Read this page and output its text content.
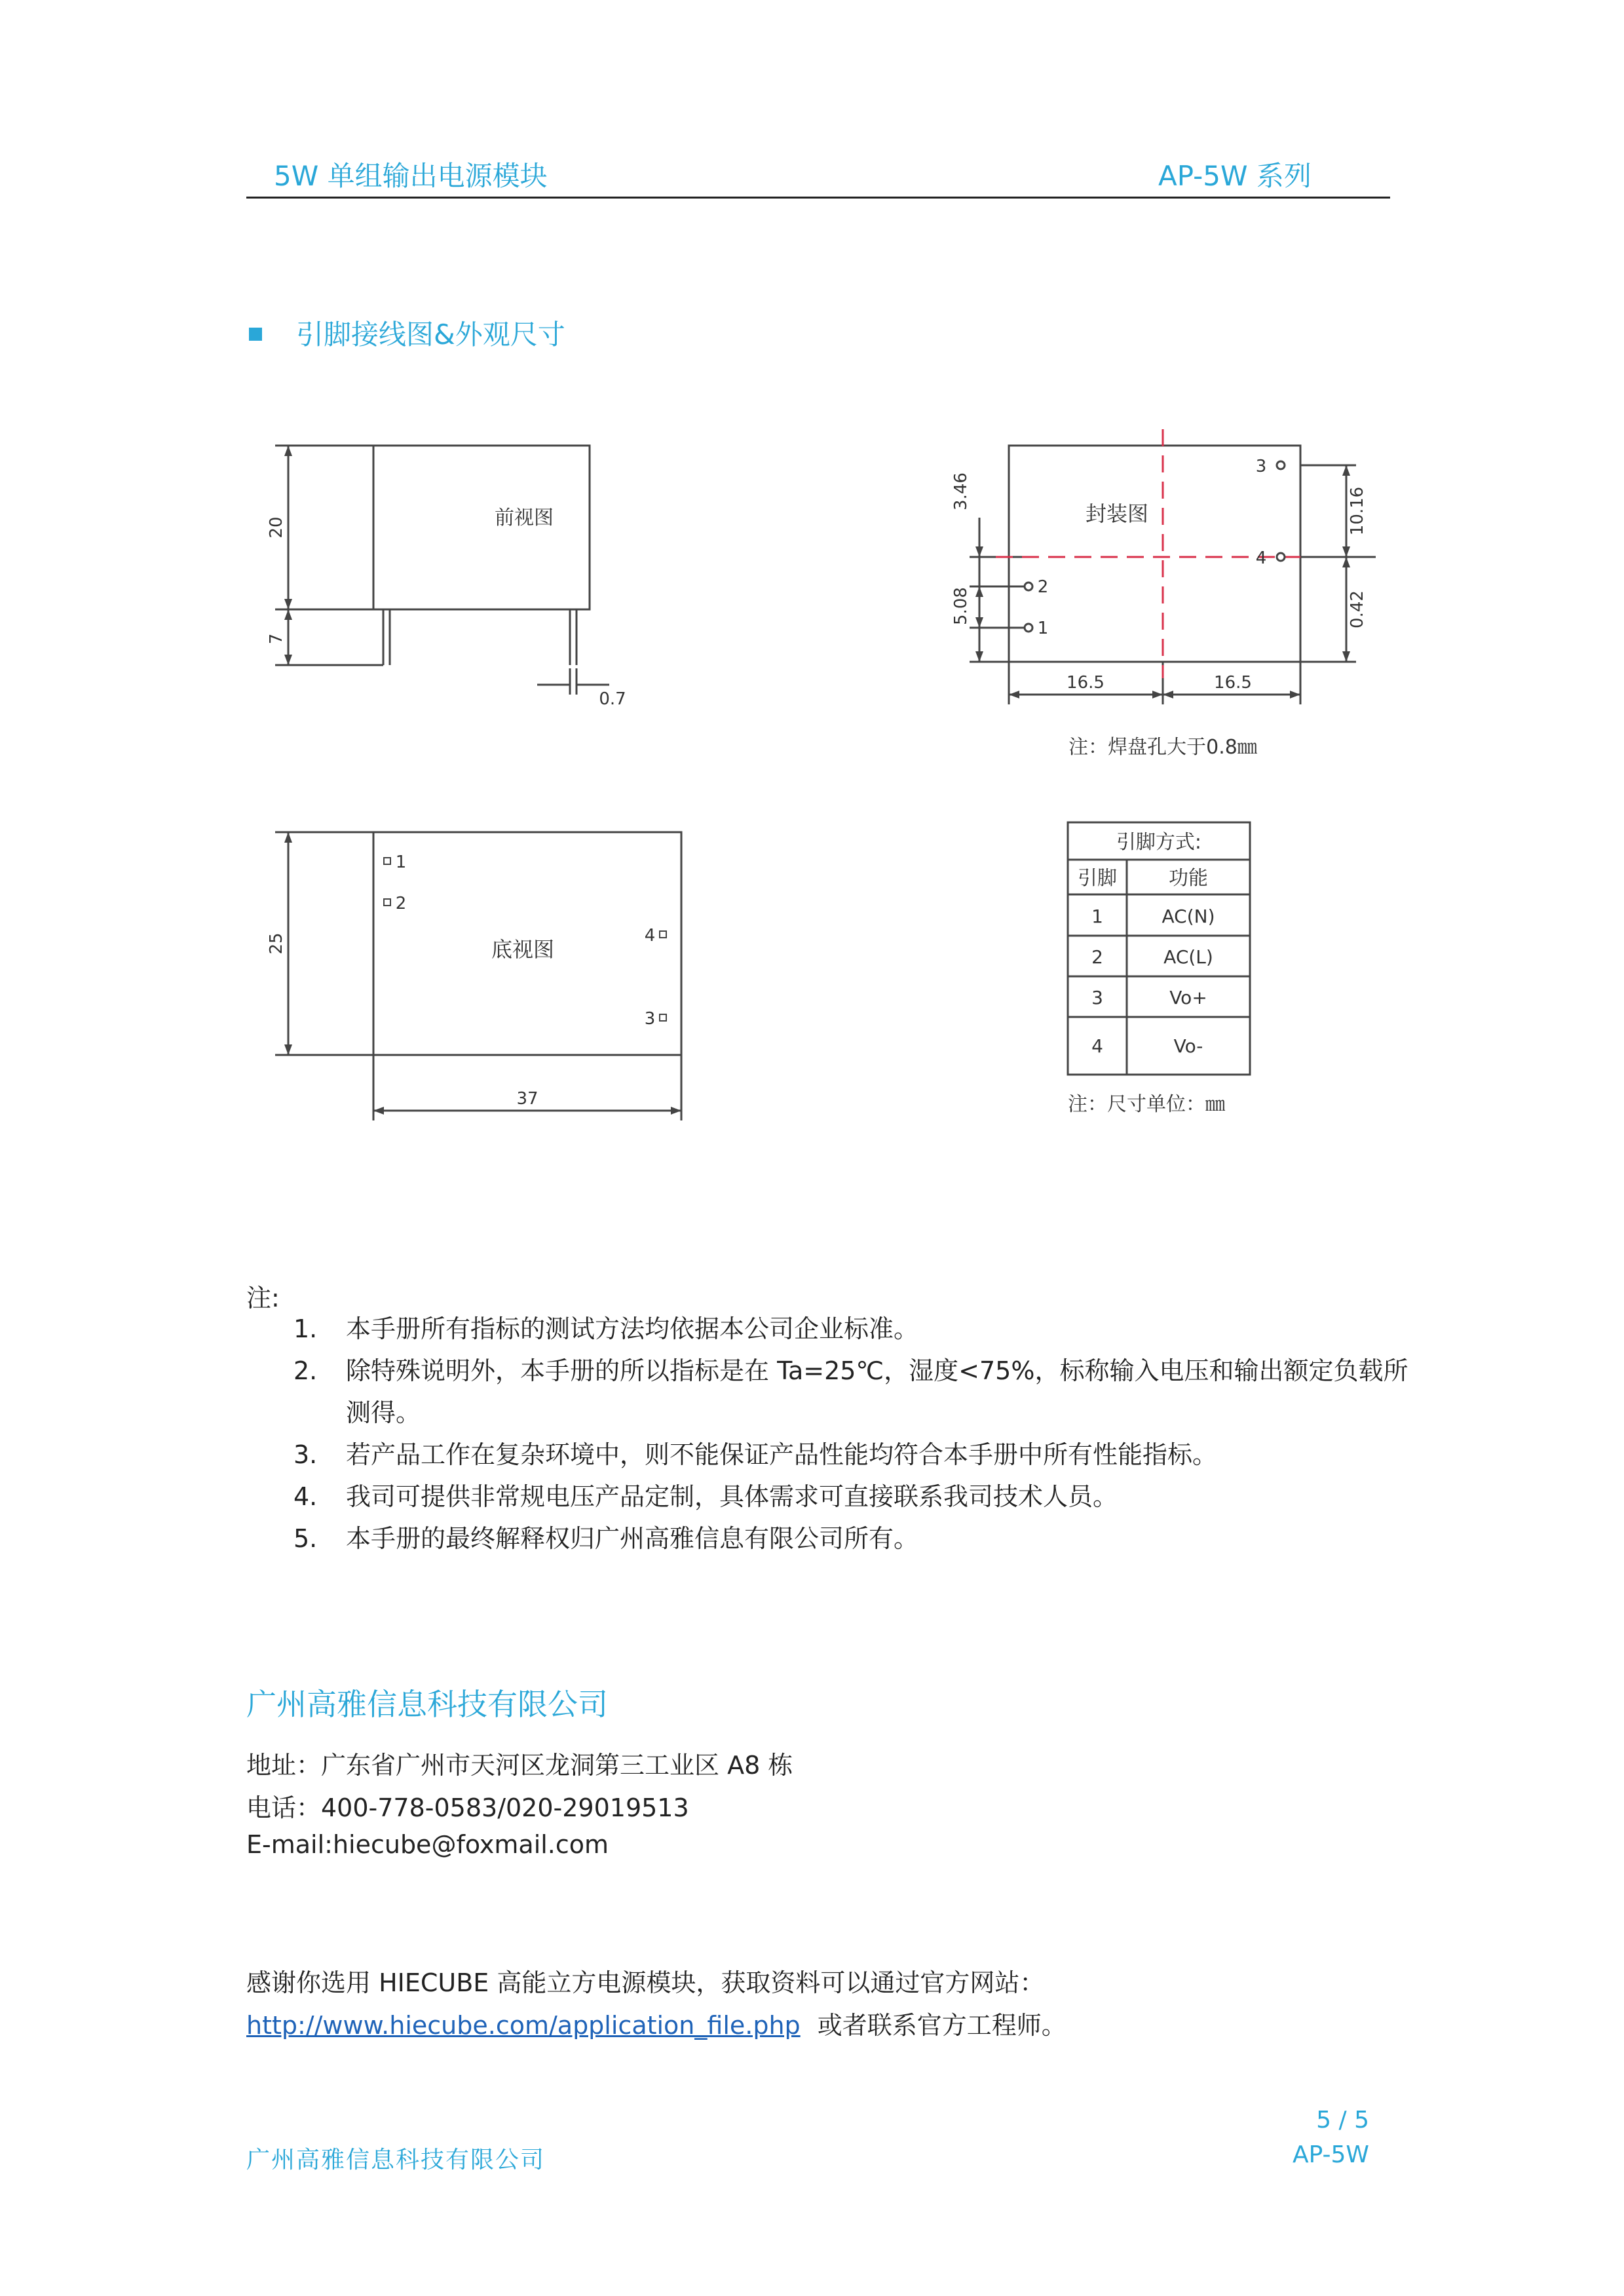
5W 单组输出电源模块	AP-5W 系列
引脚接线图&外观尺寸
前视图
20
7
0.7
3
4
2
1
封装图
3.46
5.08
10.16
0.42
16.5	16.5
注：焊盘孔大于0.8㎜
1
2
4
3
底视图
25
37
引脚方式:
引脚	功能
1	AC(N)
2	AC(L)
3	Vo+
4	Vo-
注：尺寸单位：㎜
注:
1. 本手册所有指标的测试方法均依据本公司企业标准。
2. 除特殊说明外，本手册的所以指标是在 Ta=25℃，湿度<75%，标称输入电压和输出额定负载所
测得。
3. 若产品工作在复杂环境中，则不能保证产品性能均符合本手册中所有性能指标。
4. 我司可提供非常规电压产品定制，具体需求可直接联系我司技术人员。
5. 本手册的最终解释权归广州高雅信息有限公司所有。
广州高雅信息科技有限公司
地址：广东省广州市天河区龙洞第三工业区 A8 栋
电话：400-778-0583/020-29019513
E-mail:hiecube@foxmail.com
感谢你选用 HIECUBE 高能立方电源模块，获取资料可以通过官方网站：
http://www.hiecube.com/application_file.php 或者联系官方工程师。
5 / 5
广州高雅信息科技有限公司	AP-5W
